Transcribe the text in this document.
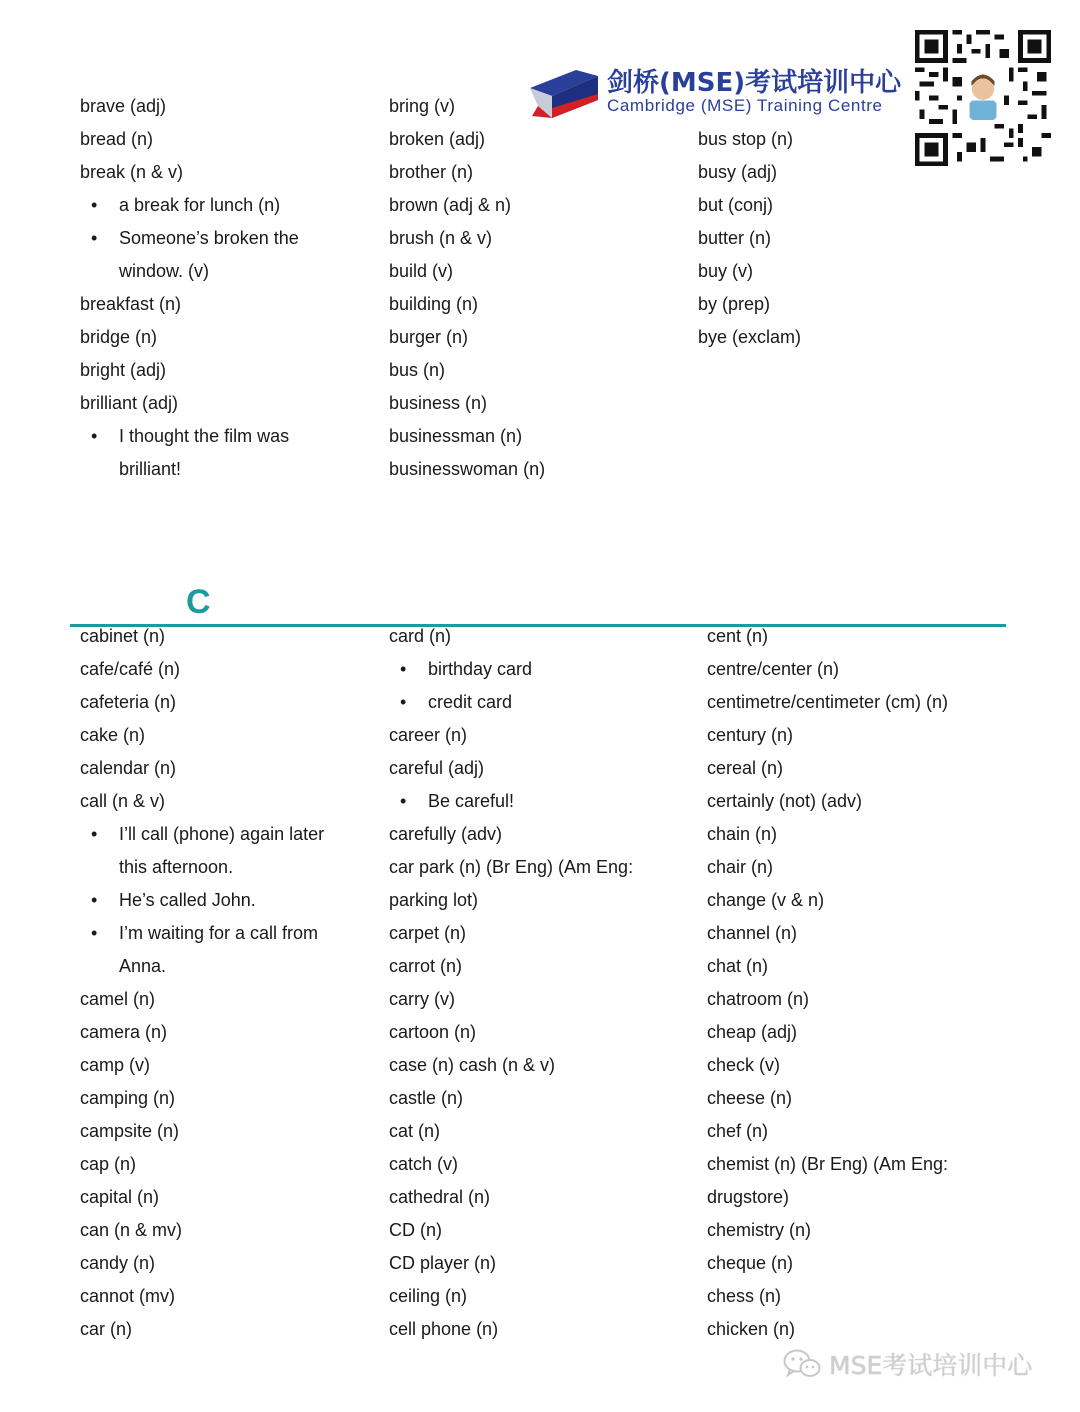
剑桥(MSE)考试培训中心
Cambridge (MSE) Training Centre
brave (adj)
bread (n)
break (n & v)
• a break for lunch (n)
• Someone’s broken the
window. (v)
breakfast (n)
bridge (n)
bright (adj)
brilliant (adj)
• I thought the film was
brilliant!
bring (v)
broken (adj)
brother (n)
brown (adj & n)
brush (n & v)
build (v)
building (n)
burger (n)
bus (n)
business (n)
businessman (n)
businesswoman (n)
bus stop (n)
busy (adj)
but (conj)
butter (n)
buy (v)
by (prep)
bye (exclam)
C
cabinet (n)
cafe/café (n)
cafeteria (n)
cake (n)
calendar (n)
call (n & v)
• I’ll call (phone) again later
this afternoon.
• He’s called John.
• I’m waiting for a call from
Anna.
camel (n)
camera (n)
camp (v)
camping (n)
campsite (n)
cap (n)
capital (n)
can (n & mv)
candy (n)
cannot (mv)
car (n)
card (n)
• birthday card
• credit card
career (n)
careful (adj)
• Be careful!
carefully (adv)
car park (n) (Br Eng) (Am Eng:
parking lot)
carpet (n)
carrot (n)
carry (v)
cartoon (n)
case (n) cash (n & v)
castle (n)
cat (n)
catch (v)
cathedral (n)
CD (n)
CD player (n)
ceiling (n)
cell phone (n)
cent (n)
centre/center (n)
centimetre/centimeter (cm) (n)
century (n)
cereal (n)
certainly (not) (adv)
chain (n)
chair (n)
change (v & n)
channel (n)
chat (n)
chatroom (n)
cheap (adj)
check (v)
cheese (n)
chef (n)
chemist (n) (Br Eng) (Am Eng:
drugstore)
chemistry (n)
cheque (n)
chess (n)
chicken (n)
MSE考试培训中心
